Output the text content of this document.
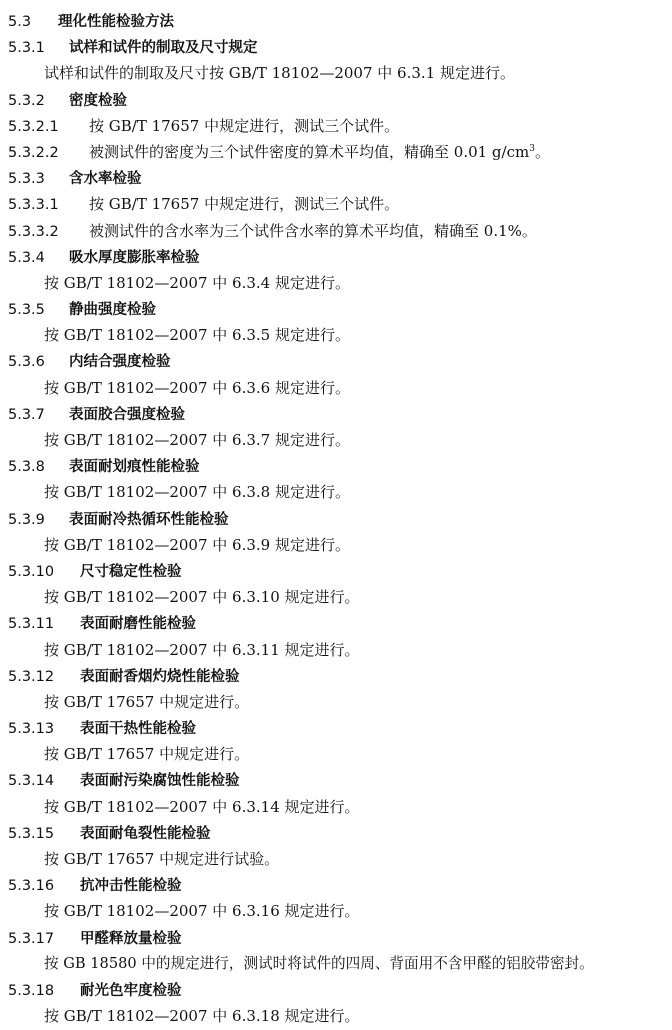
5.3 理化性能检验方法
5.3.1 试样和试件的制取及尺寸规定
试样和试件的制取及尺寸按 GB/T 18102—2007 中 6.3.1 规定进行。
5.3.2 密度检验
5.3.2.1 按 GB/T 17657 中规定进行，测试三个试件。
5.3.2.2 被测试件的密度为三个试件密度的算术平均值，精确至 0.01 $g/cm^3$。
5.3.3 含水率检验
5.3.3.1 按 GB/T 17657 中规定进行，测试三个试件。
5.3.3.2 被测试件的含水率为三个试件含水率的算术平均值，精确至 0.1%。
5.3.4 吸水厚度膨胀率检验
按 GB/T 18102—2007 中 6.3.4 规定进行。
5.3.5 静曲强度检验
按 GB/T 18102—2007 中 6.3.5 规定进行。
5.3.6 内结合强度检验
按 GB/T 18102—2007 中 6.3.6 规定进行。
5.3.7 表面胶合强度检验
按 GB/T 18102—2007 中 6.3.7 规定进行。
5.3.8 表面耐划痕性能检验
按 GB/T 18102—2007 中 6.3.8 规定进行。
5.3.9 表面耐冷热循环性能检验
按 GB/T 18102—2007 中 6.3.9 规定进行。
5.3.10 尺寸稳定性检验
按 GB/T 18102—2007 中 6.3.10 规定进行。
5.3.11 表面耐磨性能检验
按 GB/T 18102—2007 中 6.3.11 规定进行。
5.3.12 表面耐香烟灼烧性能检验
按 GB/T 17657 中规定进行。
5.3.13 表面干热性能检验
按 GB/T 17657 中规定进行。
5.3.14 表面耐污染腐蚀性能检验
按 GB/T 18102—2007 中 6.3.14 规定进行。
5.3.15 表面耐龟裂性能检验
按 GB/T 17657 中规定进行试验。
5.3.16 抗冲击性能检验
按 GB/T 18102—2007 中 6.3.16 规定进行。
5.3.17 甲醛释放量检验
按 GB 18580 中的规定进行，测试时将试件的四周、背面用不含甲醛的铝胶带密封。
5.3.18 耐光色牢度检验
按 GB/T 18102—2007 中 6.3.18 规定进行。
